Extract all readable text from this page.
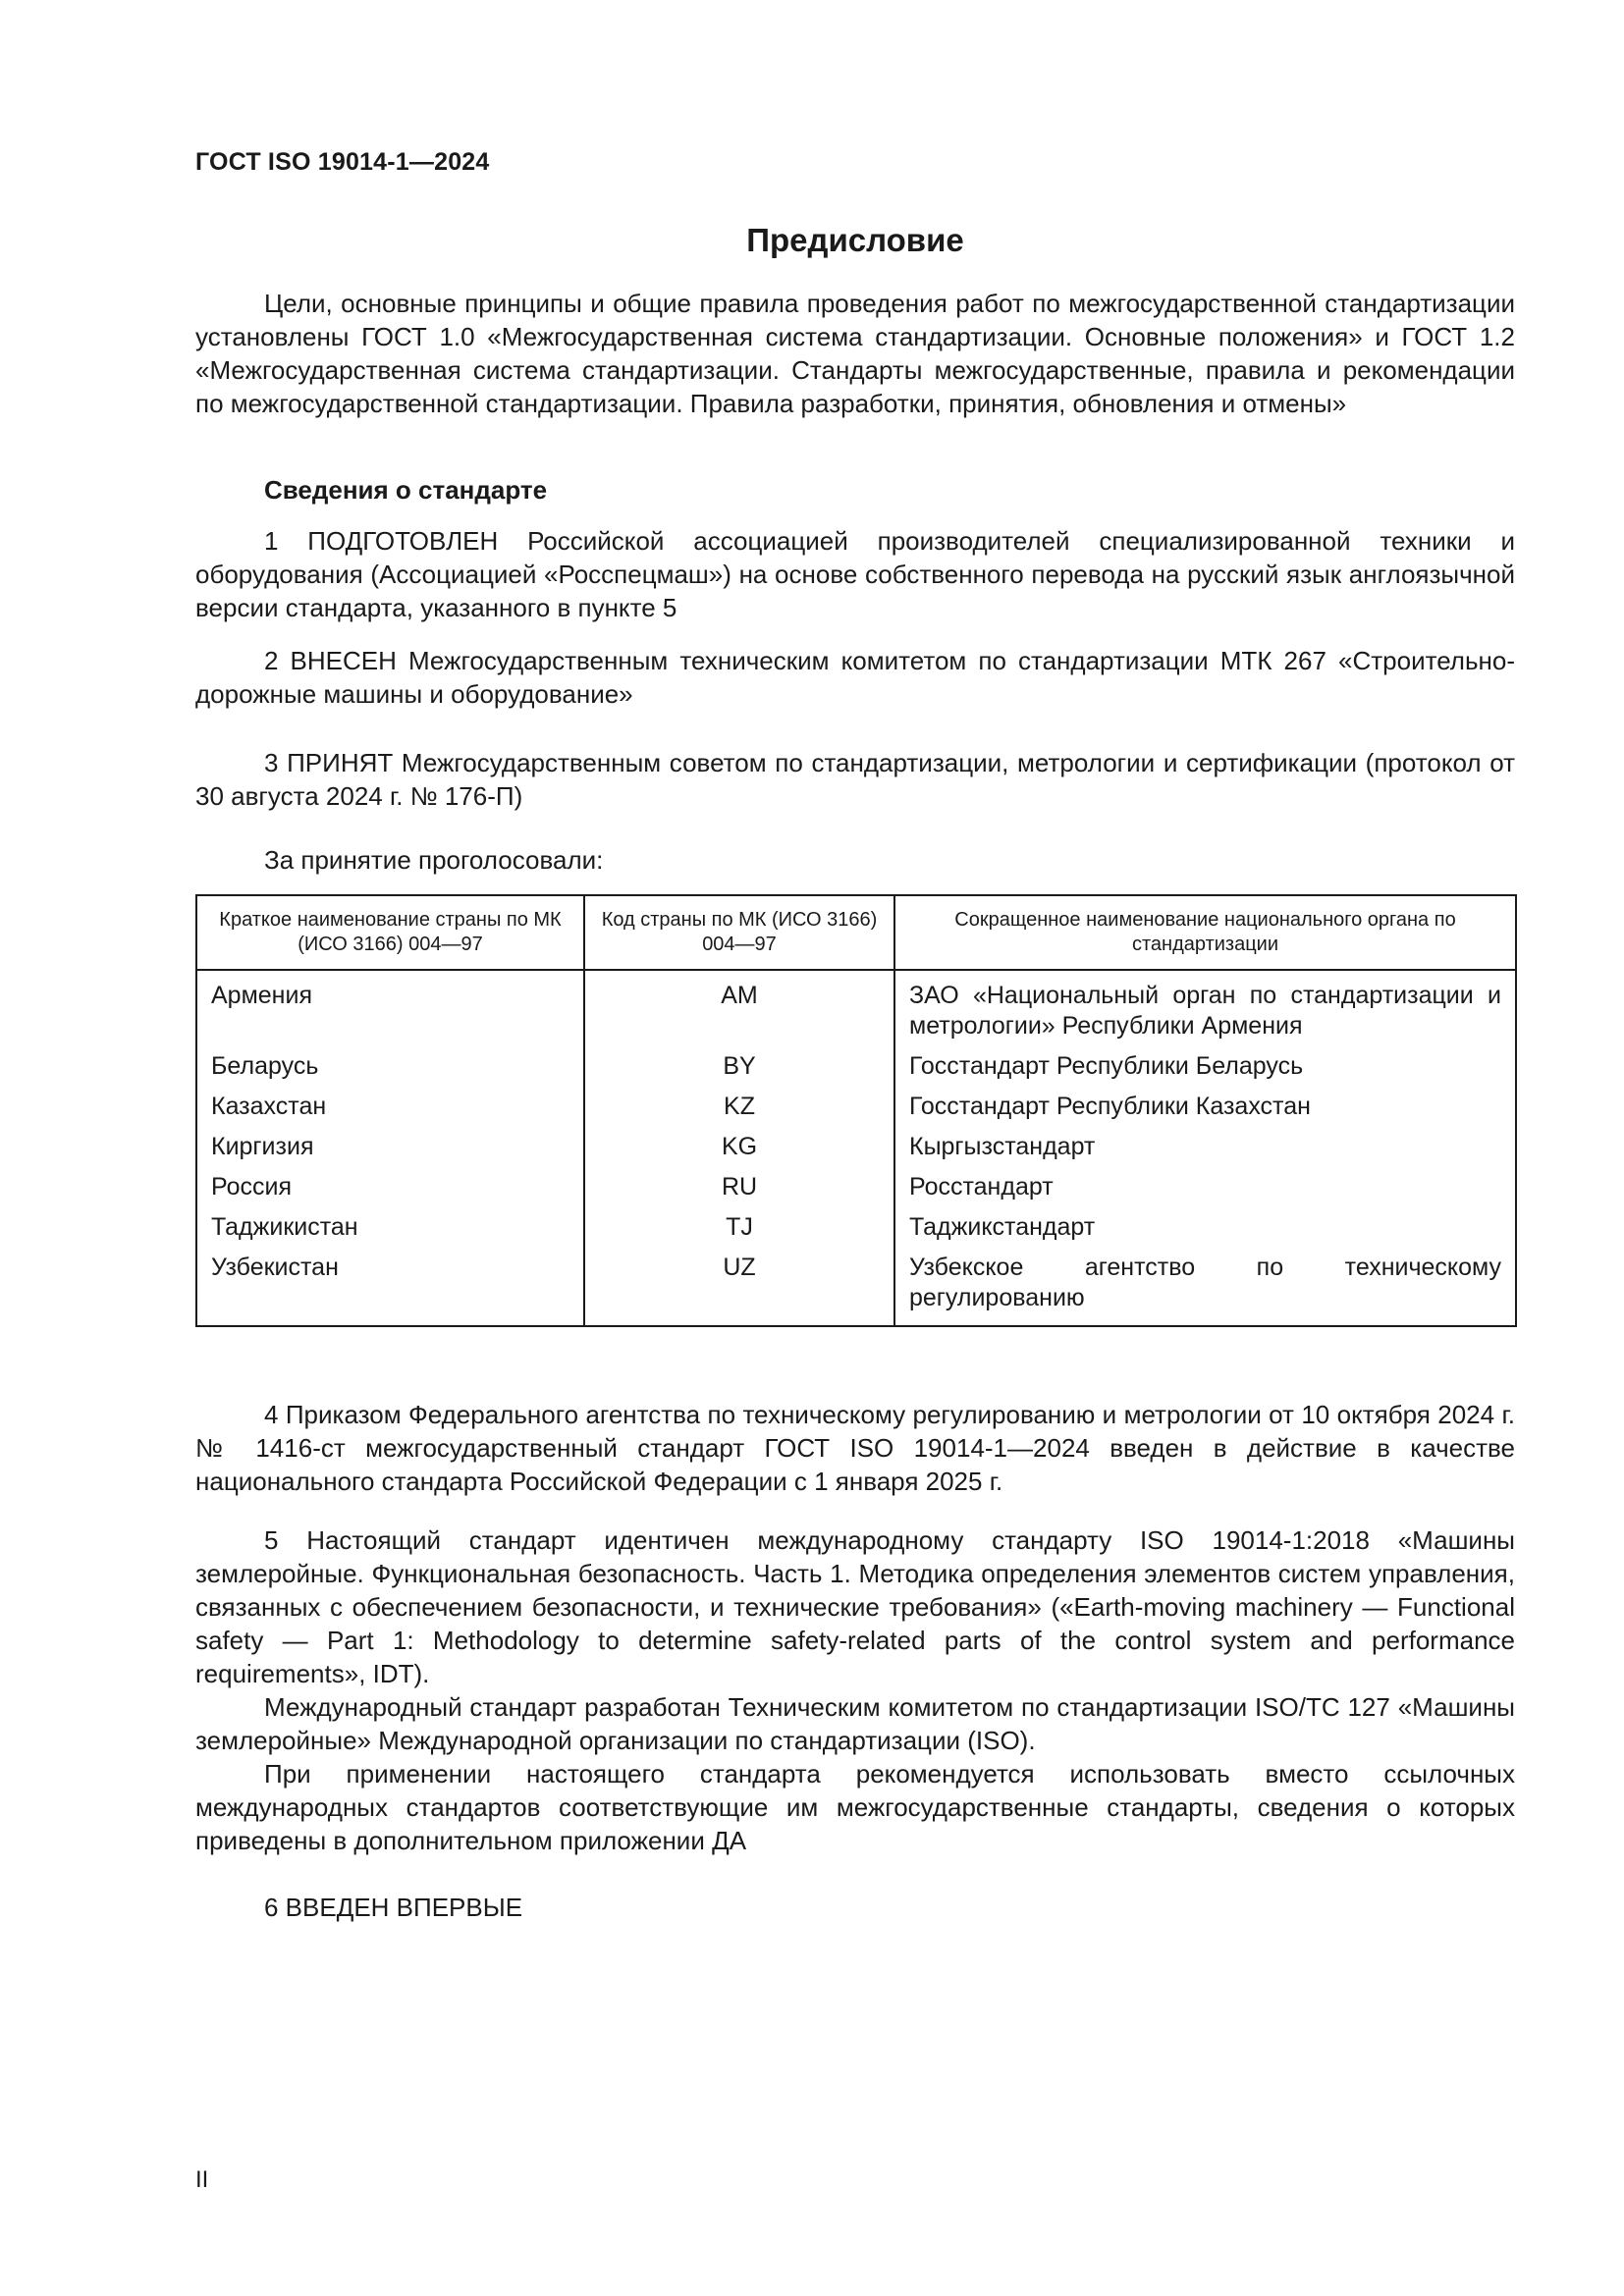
ГОСТ ISO 19014-1—2024
Предисловие

Цели, основные принципы и общие правила проведения работ по межгосударственной стандартизации установлены ГОСТ 1.0 «Межгосударственная система стандартизации. Основные положения» и ГОСТ 1.2 «Межгосударственная система стандартизации. Стандарты межгосударственные, правила и рекомендации по межгосударственной стандартизации. Правила разработки, принятия, обновления и отмены»

Сведения о стандарте

1 ПОДГОТОВЛЕН Российской ассоциацией производителей специализированной техники и оборудования (Ассоциацией «Росспецмаш») на основе собственного перевода на русский язык англоязычной версии стандарта, указанного в пункте 5

2 ВНЕСЕН Межгосударственным техническим комитетом по стандартизации МТК 267 «Строительно-дорожные машины и оборудование»

3 ПРИНЯТ Межгосударственным советом по стандартизации, метрологии и сертификации (протокол от 30 августа 2024 г. № 176-П)

За принятие проголосовали:
Краткое наименование страны по МК (ИСО 3166) 004—97	Код страны по МК (ИСО 3166) 004—97	Сокращенное наименование национального органа по стандартизации
Армения	AM	ЗАО «Национальный орган по стандартизации и метрологии» Республики Армения
Беларусь	BY	Госстандарт Республики Беларусь
Казахстан	KZ	Госстандарт Республики Казахстан
Киргизия	KG	Кыргызстандарт
Россия	RU	Росстандарт
Таджикистан	TJ	Таджикстандарт
Узбекистан	UZ	Узбекское агентство по техническому регулированию

4 Приказом Федерального агентства по техническому регулированию и метрологии от 10 октября 2024 г. № 1416-ст межгосударственный стандарт ГОСТ ISO 19014-1—2024 введен в действие в качестве национального стандарта Российской Федерации с 1 января 2025 г.

5 Настоящий стандарт идентичен международному стандарту ISO 19014-1:2018 «Машины землеройные. Функциональная безопасность. Часть 1. Методика определения элементов систем управления, связанных с обеспечением безопасности, и технические требования» («Earth-moving machinery — Functional safety — Part 1: Methodology to determine safety-related parts of the control system and performance requirements», IDT).

Международный стандарт разработан Техническим комитетом по стандартизации ISO/TC 127 «Машины землеройные» Международной организации по стандартизации (ISO).

При применении настоящего стандарта рекомендуется использовать вместо ссылочных международных стандартов соответствующие им межгосударственные стандарты, сведения о которых приведены в дополнительном приложении ДА

6 ВВЕДЕН ВПЕРВЫЕ

II
